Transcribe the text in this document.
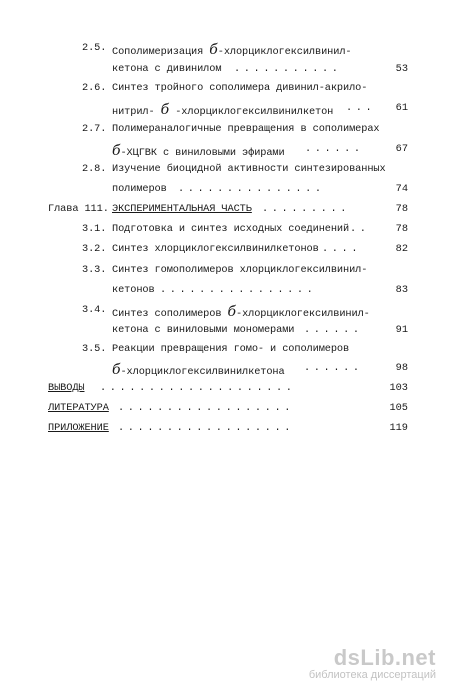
2.5. Сополимеризация б-хлорциклогексилвинил-
кетона с дивинилом ...........	53
2.6. Синтез тройного сополимера дивинил-акрило-
нитрил- б -хлорциклогексилвинилкетон ...	61
2.7. Полимераналогичные превращения в сополимерах
б-ХЦГВК с виниловыми эфирами ......	67
2.8. Изучение биоцидной активности синтезированных
полимеров ...............	74
Глава 111. ЭКСПЕРИМЕНТАЛЬНАЯ ЧАСТЬ .........	78
3.1. Подготовка и синтез исходных соединений ..	78
3.2. Синтез хлорциклогексилвинилкетонов ....	82
3.3. Синтез гомополимеров хлорциклогексилвинил-
кетонов ................	83
3.4. Синтез сополимеров б-хлорциклогексилвинил-
кетона с виниловыми мономерами ......	91
3.5. Реакции превращения гомо- и сополимеров
б-хлорциклогексилвинилкетона ......	98
ВЫВОДЫ ....................	103
ЛИТЕРАТУРА ..................	105
ПРИЛОЖЕНИЕ ..................	119
dsLib.net
библиотека диссертаций
